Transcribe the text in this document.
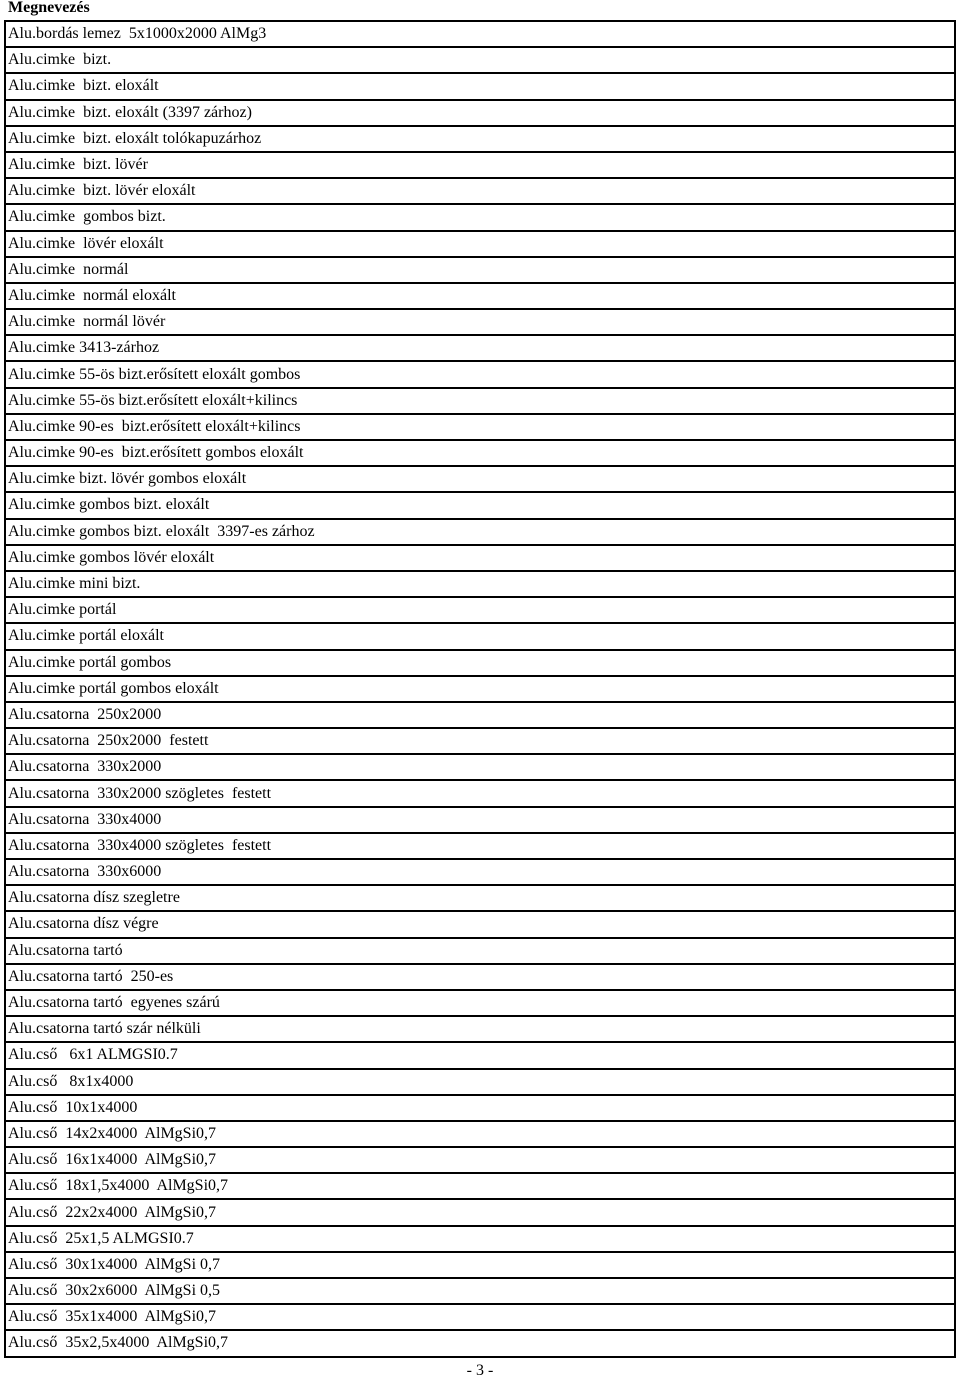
Megnevezés
Alu.bordás lemez  5x1000x2000 AlMg3
Alu.cimke  bizt.
Alu.cimke  bizt. eloxált
Alu.cimke  bizt. eloxált (3397 zárhoz)
Alu.cimke  bizt. eloxált tolókapuzárhoz
Alu.cimke  bizt. lövér
Alu.cimke  bizt. lövér eloxált
Alu.cimke  gombos bizt.
Alu.cimke  lövér eloxált
Alu.cimke  normál
Alu.cimke  normál eloxált
Alu.cimke  normál lövér
Alu.cimke 3413-zárhoz
Alu.cimke 55-ös bizt.erősített eloxált gombos
Alu.cimke 55-ös bizt.erősített eloxált+kilincs
Alu.cimke 90-es  bizt.erősített eloxált+kilincs
Alu.cimke 90-es  bizt.erősített gombos eloxált
Alu.cimke bizt. lövér gombos eloxált
Alu.cimke gombos bizt. eloxált
Alu.cimke gombos bizt. eloxált  3397-es zárhoz
Alu.cimke gombos lövér eloxált
Alu.cimke mini bizt.
Alu.cimke portál
Alu.cimke portál eloxált
Alu.cimke portál gombos
Alu.cimke portál gombos eloxált
Alu.csatorna  250x2000
Alu.csatorna  250x2000  festett
Alu.csatorna  330x2000
Alu.csatorna  330x2000 szögletes  festett
Alu.csatorna  330x4000
Alu.csatorna  330x4000 szögletes  festett
Alu.csatorna  330x6000
Alu.csatorna dísz szegletre
Alu.csatorna dísz végre
Alu.csatorna tartó
Alu.csatorna tartó  250-es
Alu.csatorna tartó  egyenes szárú
Alu.csatorna tartó szár nélküli
Alu.cső   6x1 ALMGSI0.7
Alu.cső   8x1x4000
Alu.cső  10x1x4000
Alu.cső  14x2x4000  AlMgSi0,7
Alu.cső  16x1x4000  AlMgSi0,7
Alu.cső  18x1,5x4000  AlMgSi0,7
Alu.cső  22x2x4000  AlMgSi0,7
Alu.cső  25x1,5 ALMGSI0.7
Alu.cső  30x1x4000  AlMgSi 0,7
Alu.cső  30x2x6000  AlMgSi 0,5
Alu.cső  35x1x4000  AlMgSi0,7
Alu.cső  35x2,5x4000  AlMgSi0,7
- 3 -
